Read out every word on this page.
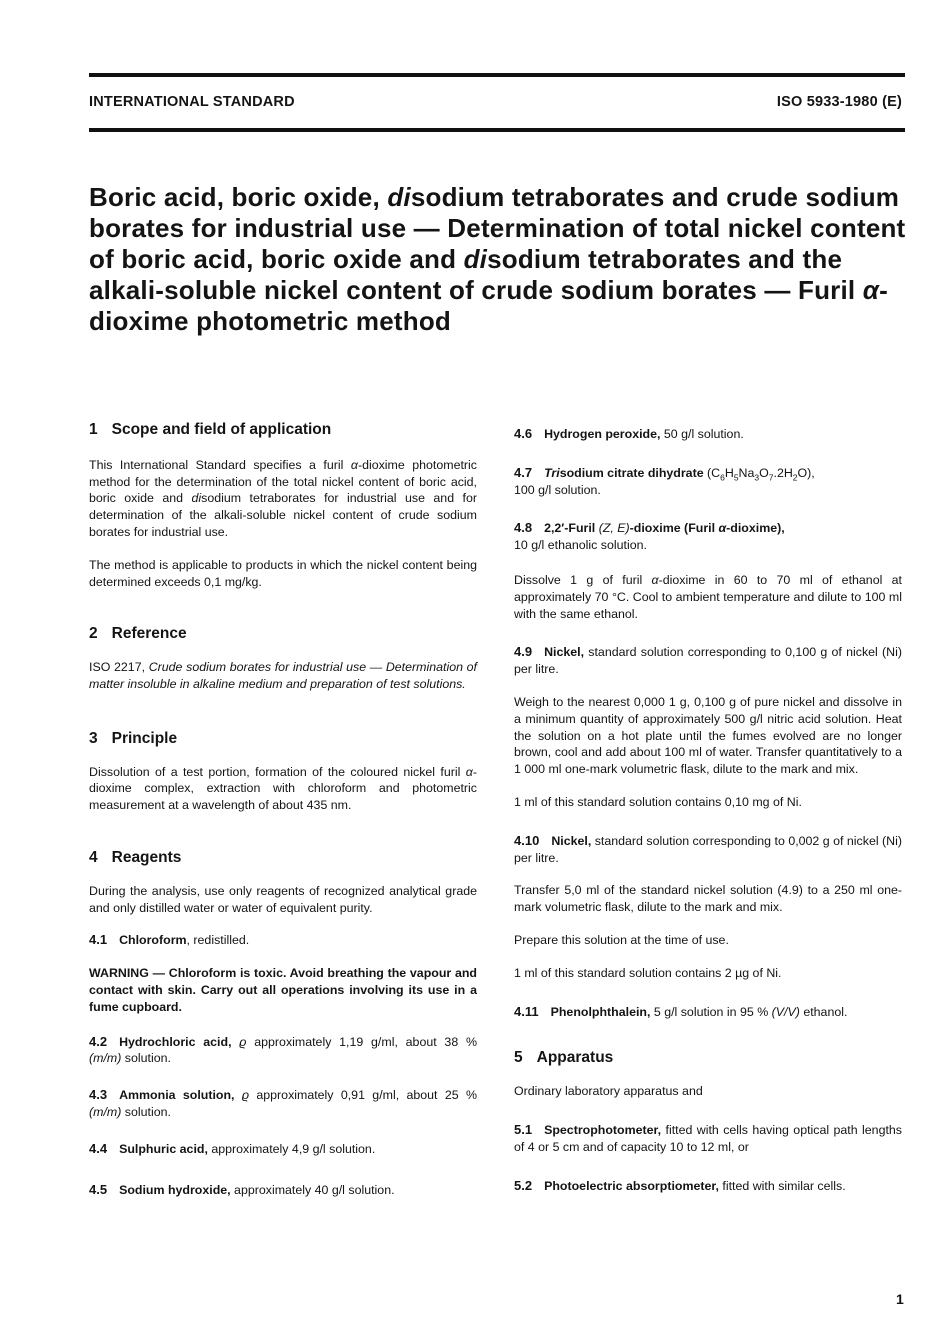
INTERNATIONAL STANDARD	ISO 5933-1980 (E)
Boric acid, boric oxide, disodium tetraborates and crude sodium borates for industrial use — Determination of total nickel content of boric acid, boric oxide and disodium tetraborates and the alkali-soluble nickel content of crude sodium borates — Furil α-dioxime photometric method
1 Scope and field of application

This International Standard specifies a furil α-dioxime photometric method for the determination of the total nickel content of boric acid, boric oxide and disodium tetraborates for industrial use and for determination of the alkali-soluble nickel content of crude sodium borates for industrial use.

The method is applicable to products in which the nickel content being determined exceeds 0,1 mg/kg.

2 Reference

ISO 2217, Crude sodium borates for industrial use — Determination of matter insoluble in alkaline medium and preparation of test solutions.

3 Principle

Dissolution of a test portion, formation of the coloured nickel furil α-dioxime complex, extraction with chloroform and photometric measurement at a wavelength of about 435 nm.

4 Reagents

During the analysis, use only reagents of recognized analytical grade and only distilled water or water of equivalent purity.

4.1 Chloroform, redistilled.

WARNING — Chloroform is toxic. Avoid breathing the vapour and contact with skin. Carry out all operations involving its use in a fume cupboard.

4.2 Hydrochloric acid, ϱ approximately 1,19 g/ml, about 38 % (m/m) solution.

4.3 Ammonia solution, ϱ approximately 0,91 g/ml, about 25 % (m/m) solution.

4.4 Sulphuric acid, approximately 4,9 g/l solution.

4.5 Sodium hydroxide, approximately 40 g/l solution.

4.6 Hydrogen peroxide, 50 g/l solution.

4.7 Trisodium citrate dihydrate $(C_6H_5Na_3O_7.2H_2O)$,
100 g/l solution.

4.8 2,2′-Furil (Z, E)-dioxime (Furil α-dioxime),
10 g/l ethanolic solution.

Dissolve 1 g of furil α-dioxime in 60 to 70 ml of ethanol at approximately 70 °C. Cool to ambient temperature and dilute to 100 ml with the same ethanol.

4.9 Nickel, standard solution corresponding to 0,100 g of nickel (Ni) per litre.

Weigh to the nearest 0,000 1 g, 0,100 g of pure nickel and dissolve in a minimum quantity of approximately 500 g/l nitric acid solution. Heat the solution on a hot plate until the fumes evolved are no longer brown, cool and add about 100 ml of water. Transfer quantitatively to a 1 000 ml one-mark volumetric flask, dilute to the mark and mix.

1 ml of this standard solution contains 0,10 mg of Ni.

4.10 Nickel, standard solution corresponding to 0,002 g of nickel (Ni) per litre.

Transfer 5,0 ml of the standard nickel solution (4.9) to a 250 ml one-mark volumetric flask, dilute to the mark and mix.

Prepare this solution at the time of use.

1 ml of this standard solution contains 2 µg of Ni.

4.11 Phenolphthalein, 5 g/l solution in 95 % (V/V) ethanol.

5 Apparatus

Ordinary laboratory apparatus and

5.1 Spectrophotometer, fitted with cells having optical path lengths of 4 or 5 cm and of capacity 10 to 12 ml, or

5.2 Photoelectric absorptiometer, fitted with similar cells.

1
